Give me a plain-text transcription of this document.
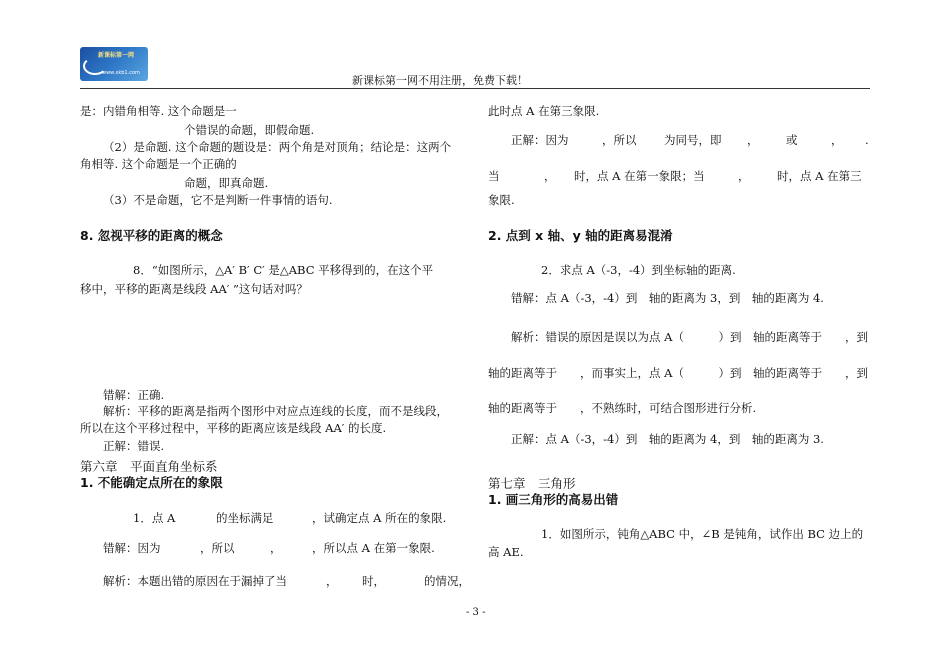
新课标第一网
www.xkb1.com
新课标第一网不用注册，免费下载！
是：内错角相等. 这个命题是一
个错误的命题，即假命题.
（2）是命题. 这个命题的题设是：两个角是对顶角；结论是：这两个
角相等. 这个命题是一个正确的
命题，即真命题.
（3）不是命题，它不是判断一件事情的语句.
8. 忽视平移的距离的概念
8．“如图所示，△A′ B′ C′ 是△ABC 平移得到的，在这个平
移中，平移的距离是线段 AA′ ”这句话对吗？
错解：正确.
解析：平移的距离是指两个图形中对应点连线的长度，而不是线段，
所以在这个平移过程中，平移的距离应该是线段 AA′ 的长度.
正解：错误.
第六章　平面直角坐标系
1. 不能确定点所在的象限
1．点 A	的坐标满足	，试确定点 A 所在的象限.
错解：因为	，所以	，	，所以点 A 在第一象限.
解析：本题出错的原因在于漏掉了当	， 时，	的情况，
此时点 A 在第三象限.
正解：因为	，所以 为同号，即 ， 或	， .
当	， 时，点 A 在第一象限；当	， 时，点 A 在第三
象限.
2. 点到 x 轴、y 轴的距离易混淆
2．求点 A（-3，-4）到坐标轴的距离.
错解：点 A（-3，-4）到　轴的距离为 3，到　轴的距离为 4.
解析：错误的原因是误以为点 A（　　　）到　轴的距离等于　　，到
轴的距离等于　　，而事实上，点 A（　　　）到　轴的距离等于　　，到
轴的距离等于　　，不熟练时，可结合图形进行分析.
正解：点 A（-3，-4）到　轴的距离为 4，到　轴的距离为 3.
第七章　三角形
1. 画三角形的高易出错
1．如图所示，钝角△ABC 中，∠B 是钝角，试作出 BC 边上的
高 AE.
- 3 -
